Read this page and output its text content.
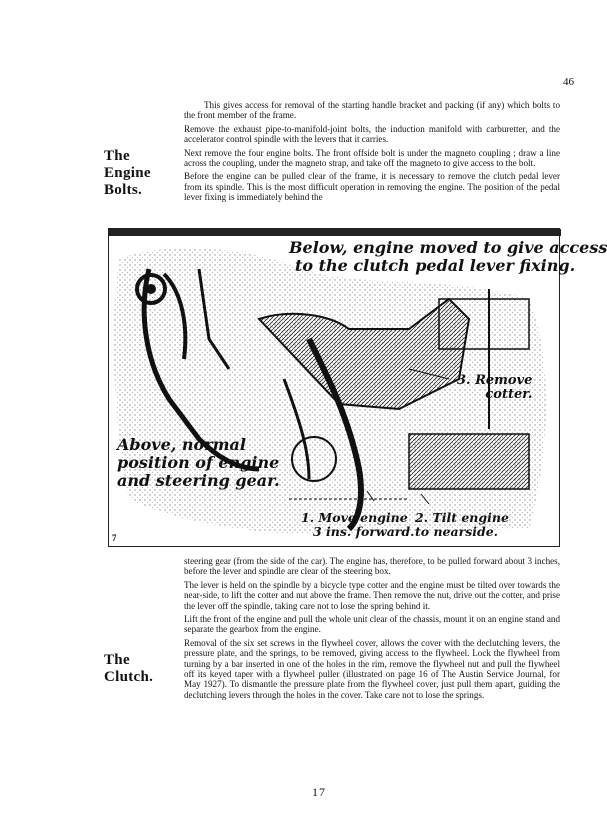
46
The
Engine
Bolts.

This gives access for removal of the starting handle bracket and packing (if any) which bolts to the front member of the frame.

Remove the exhaust pipe-to-manifold-joint bolts, the induction manifold with carburetter, and the accelerator control spindle with the levers that it carries.

Next remove the four engine bolts. The front offside bolt is under the magneto coupling ; draw a line across the coupling, under the magneto strap, and take off the magneto to give access to the bolt.

Before the engine can be pulled clear of the frame, it is necessary to remove the clutch pedal lever from its spindle. This is the most difficult operation in removing the engine. The position of the pedal lever fixing is immediately behind the

Below, engine moved to give access
to the clutch pedal lever fixing.
3. Remove
cotter.
Above, normal
position of engine
and steering gear.
1. Move engine
3 ins. forward.
2. Tilt engine
to nearside.
7

steering gear (from the side of the car). The engine has, therefore, to be pulled forward about 3 inches, before the lever and spindle are clear of the steering box.

The lever is held on the spindle by a bicycle type cotter and the engine must be tilted over towards the near-side, to lift the cotter and nut above the frame. Then remove the nut, drive out the cotter, and prise the lever off the spindle, taking care not to lose the spring behind it.

Lift the front of the engine and pull the whole unit clear of the chassis, mount it on an engine stand and separate the gearbox from the engine.

Removal of the six set screws in the flywheel cover, allows the cover with the declutching levers, the pressure plate, and the springs, to be removed, giving access to the flywheel. Lock the flywheel from turning by a bar inserted in one of the holes in the rim, remove the flywheel nut and pull the flywheel off its keyed taper with a flywheel puller (illustrated on page 16 of The Austin Service Journal, for May 1927). To dismantle the pressure plate from the flywheel cover, just pull them apart, guiding the declutching levers through the holes in the cover. Take care not to lose the springs.

The
Clutch.
17
